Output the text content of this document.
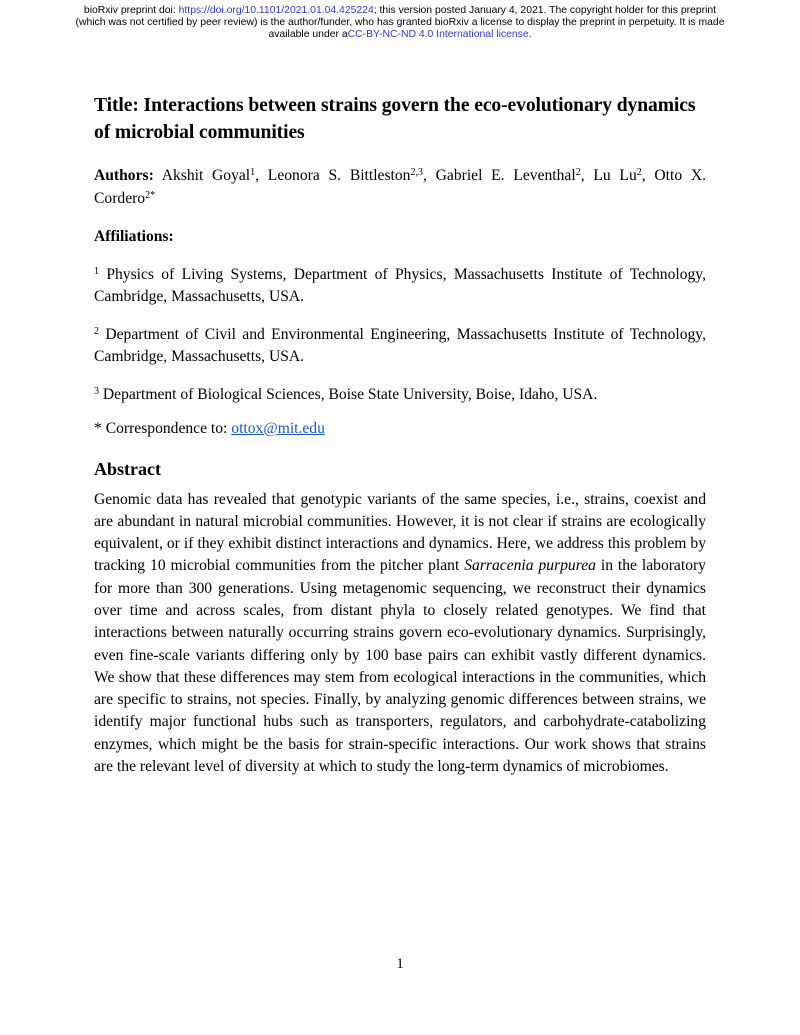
bioRxiv preprint doi: https://doi.org/10.1101/2021.01.04.425224; this version posted January 4, 2021. The copyright holder for this preprint
(which was not certified by peer review) is the author/funder, who has granted bioRxiv a license to display the preprint in perpetuity. It is made
available under aCC-BY-NC-ND 4.0 International license.
Title: Interactions between strains govern the eco-evolutionary dynamics of microbial communities
Authors: Akshit Goyal$^1$, Leonora S. Bittleston$^{2,3}$, Gabriel E. Leventhal$^2$, Lu Lu$^2$, Otto X. Cordero$^{2*}$
Affiliations:
$^1$ Physics of Living Systems, Department of Physics, Massachusetts Institute of Technology, Cambridge, Massachusetts, USA.
$^2$ Department of Civil and Environmental Engineering, Massachusetts Institute of Technology, Cambridge, Massachusetts, USA.
$^3$ Department of Biological Sciences, Boise State University, Boise, Idaho, USA.
* Correspondence to: ottox@mit.edu
Abstract
Genomic data has revealed that genotypic variants of the same species, i.e., strains, coexist and are abundant in natural microbial communities. However, it is not clear if strains are ecologically equivalent, or if they exhibit distinct interactions and dynamics. Here, we address this problem by tracking 10 microbial communities from the pitcher plant Sarracenia purpurea in the laboratory for more than 300 generations. Using metagenomic sequencing, we reconstruct their dynamics over time and across scales, from distant phyla to closely related genotypes. We find that interactions between naturally occurring strains govern eco-evolutionary dynamics. Surprisingly, even fine-scale variants differing only by 100 base pairs can exhibit vastly different dynamics. We show that these differences may stem from ecological interactions in the communities, which are specific to strains, not species. Finally, by analyzing genomic differences between strains, we identify major functional hubs such as transporters, regulators, and carbohydrate-catabolizing enzymes, which might be the basis for strain-specific interactions. Our work shows that strains are the relevant level of diversity at which to study the long-term dynamics of microbiomes.
1
